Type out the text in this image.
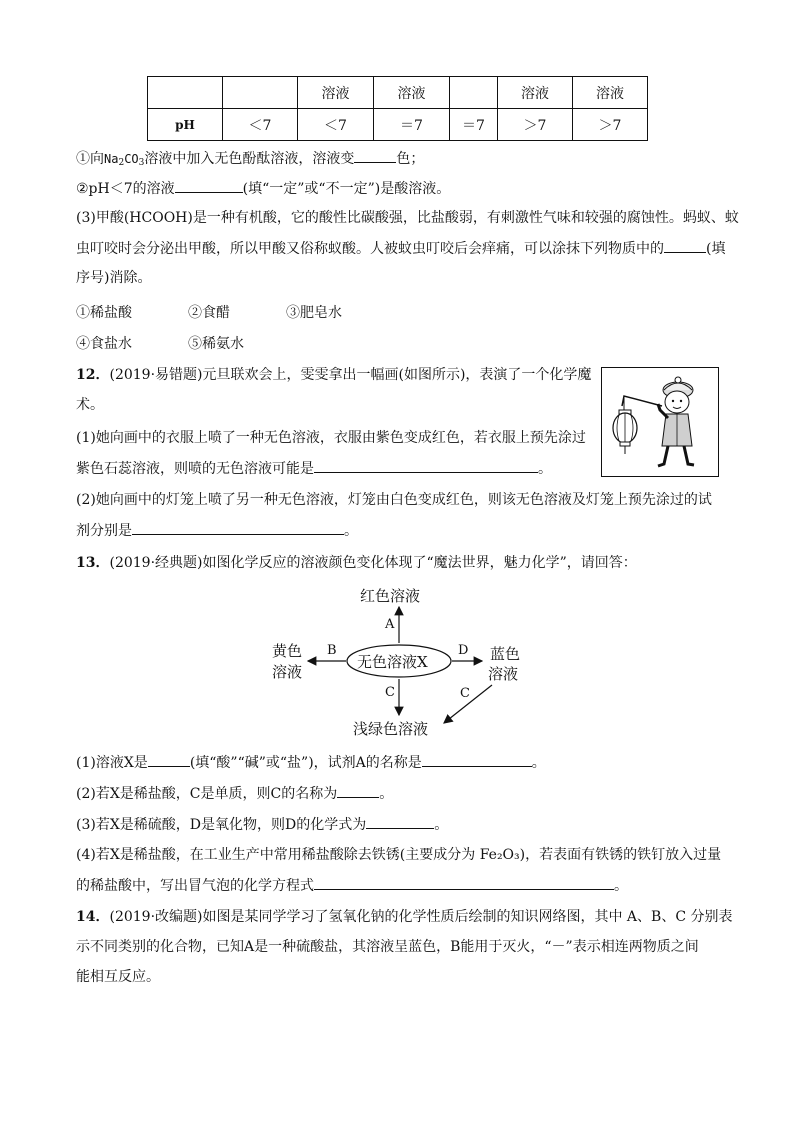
		溶液	溶液		溶液	溶液
pH	＜7	＜7	＝7	＝7	＞7	＞7
①向$Na_2CO_3$溶液中加入无色酚酞溶液，溶液变	色；
②pH＜7的溶液	(填“一定”或“不一定”)是酸溶液。
(3)甲酸(HCOOH)是一种有机酸，它的酸性比碳酸强，比盐酸弱，有刺激性气味和较强的腐蚀性。蚂蚁、蚊
虫叮咬时会分泌出甲酸，所以甲酸又俗称蚁酸。人被蚊虫叮咬后会痒痛，可以涂抹下列物质中的	(填
序号)消除。
①稀盐酸	②食醋	③肥皂水
④食盐水	⑤稀氨水
12．(2019·易错题)元旦联欢会上，雯雯拿出一幅画(如图所示)，表演了一个化学魔
术。
(1)她向画中的衣服上喷了一种无色溶液，衣服由紫色变成红色，若衣服上预先涂过
紫色石蕊溶液，则喷的无色溶液可能是	。
(2)她向画中的灯笼上喷了另一种无色溶液，灯笼由白色变成红色，则该无色溶液及灯笼上预先涂过的试
剂分别是	。
13．(2019·经典题)如图化学反应的溶液颜色变化体现了“魔法世界，魅力化学”，请回答：
红色溶液
无色溶液X
黄色
溶液
蓝色
溶液
浅绿色溶液
A
B	D
C	C
(1)溶液X是	(填“酸”“碱”或“盐”)，试剂A的名称是	。
(2)若X是稀盐酸，C是单质，则C的名称为	。
(3)若X是稀硫酸，D是氧化物，则D的化学式为	。
(4)若X是稀盐酸，在工业生产中常用稀盐酸除去铁锈(主要成分为 Fe₂O₃)，若表面有铁锈的铁钉放入过量
的稀盐酸中，写出冒气泡的化学方程式	。
14．(2019·改编题)如图是某同学学习了氢氧化钠的化学性质后绘制的知识网络图，其中 A、B、C 分别表
示不同类别的化合物，已知A是一种硫酸盐，其溶液呈蓝色，B能用于灭火，“－”表示相连两物质之间
能相互反应。
